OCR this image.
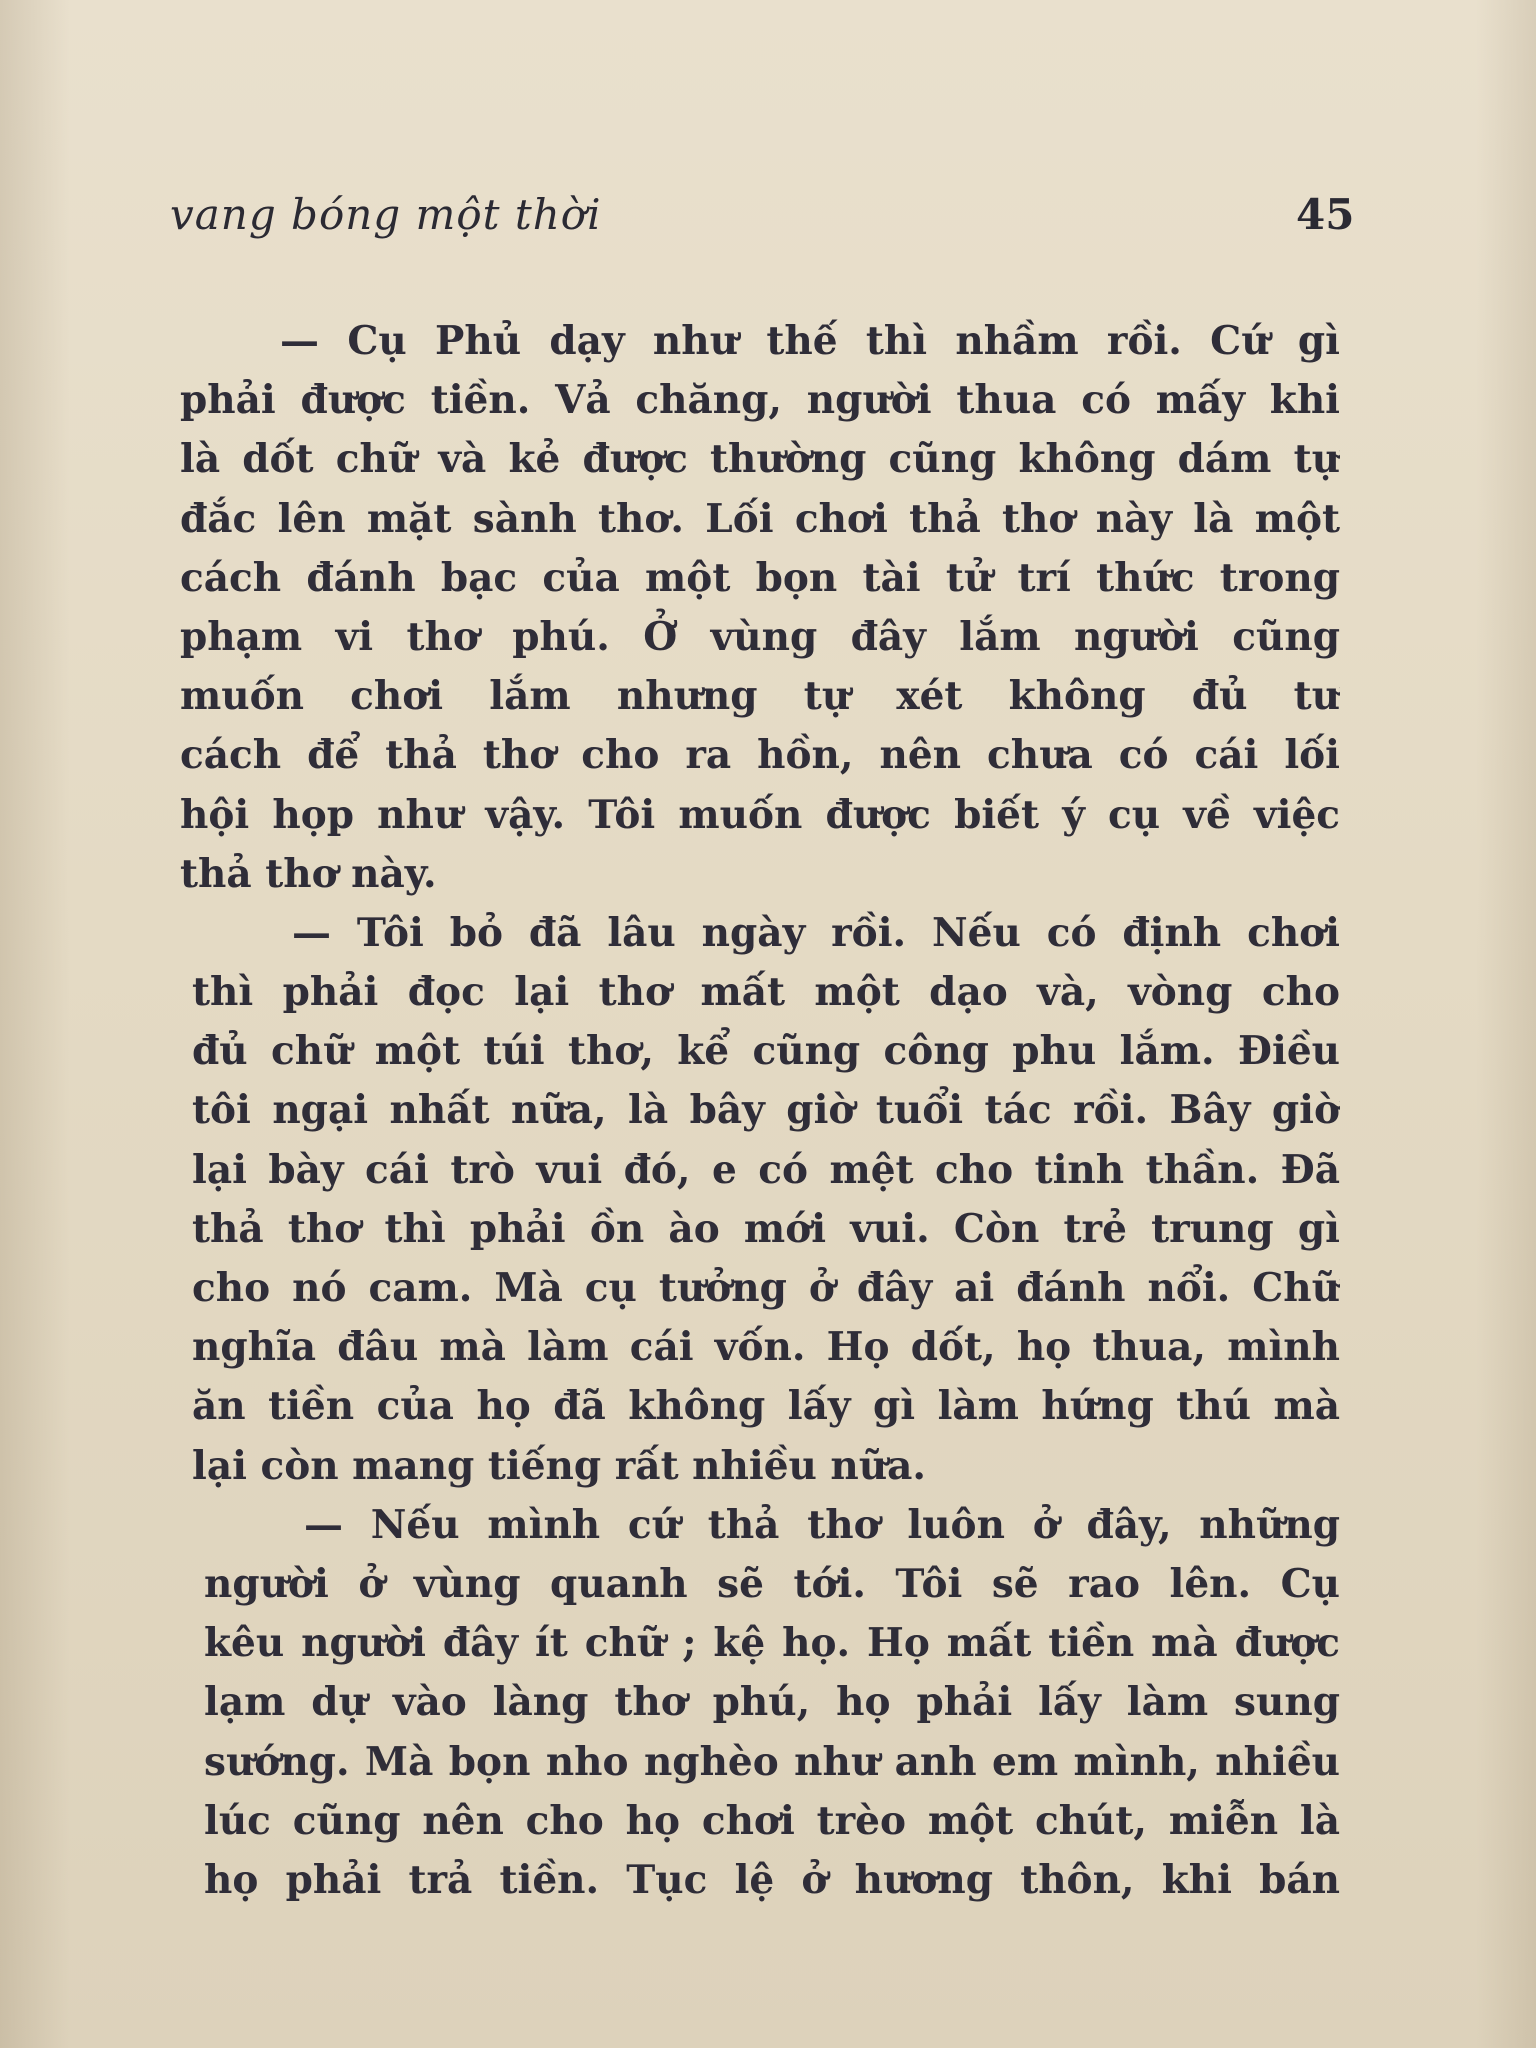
vang bóng một thời	45
— Cụ Phủ dạy như thế thì nhầm rồi. Cứ gì
phải được tiền. Vả chăng, người thua có mấy khi
là dốt chữ và kẻ được thường cũng không dám tự
đắc lên mặt sành thơ. Lối chơi thả thơ này là một
cách đánh bạc của một bọn tài tử trí thức trong
phạm vi thơ phú. Ở vùng đây lắm người cũng
muốn chơi lắm nhưng tự xét không đủ tư
cách để thả thơ cho ra hồn, nên chưa có cái lối
hội họp như vậy. Tôi muốn được biết ý cụ về việc
thả thơ này.
— Tôi bỏ đã lâu ngày rồi. Nếu có định chơi
thì phải đọc lại thơ mất một dạo và, vòng cho
đủ chữ một túi thơ, kể cũng công phu lắm. Điều
tôi ngại nhất nữa, là bây giờ tuổi tác rồi. Bây giờ
lại bày cái trò vui đó, e có mệt cho tinh thần. Đã
thả thơ thì phải ồn ào mới vui. Còn trẻ trung gì
cho nó cam. Mà cụ tưởng ở đây ai đánh nổi. Chữ
nghĩa đâu mà làm cái vốn. Họ dốt, họ thua, mình
ăn tiền của họ đã không lấy gì làm hứng thú mà
lại còn mang tiếng rất nhiều nữa.
— Nếu mình cứ thả thơ luôn ở đây, những
người ở vùng quanh sẽ tới. Tôi sẽ rao lên. Cụ
kêu người đây ít chữ ; kệ họ. Họ mất tiền mà được
lạm dự vào làng thơ phú, họ phải lấy làm sung
sướng. Mà bọn nho nghèo như anh em mình, nhiều
lúc cũng nên cho họ chơi trèo một chút, miễn là
họ phải trả tiền. Tục lệ ở hương thôn, khi bán
